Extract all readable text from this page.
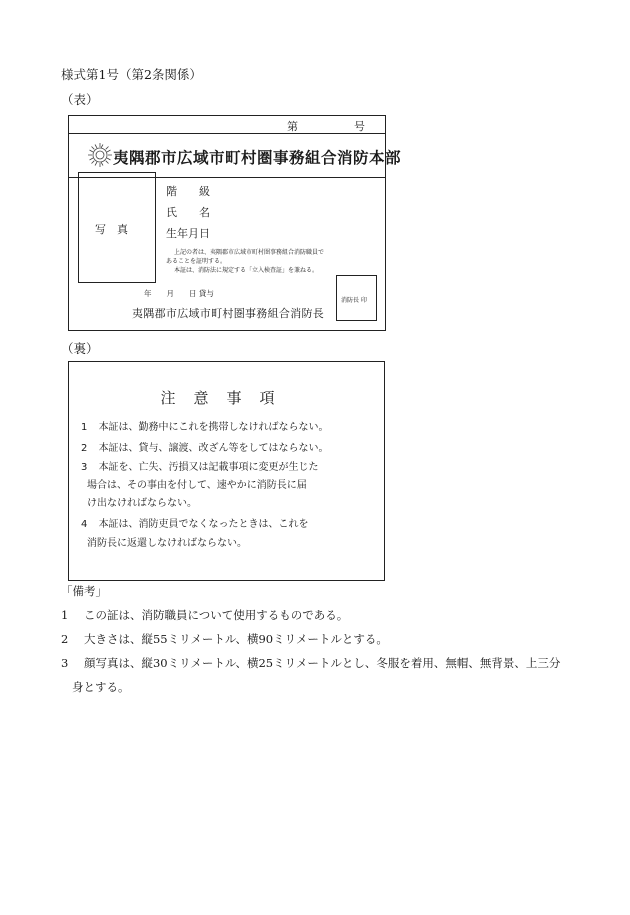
様式第1号（第2条関係）
（表）
第	号
夷隅郡市広域市町村圏事務組合消防本部
写　真
階　　級
氏　　名
生年月日
上記の者は、夷隅郡市広域市町村圏事務組合消防職員で
あることを証明する。
本証は、消防法に規定する「立入検査証」を兼ねる。
年　　月　　日 貸与
夷隅郡市広域市町村圏事務組合消防長
消防長 印
（裏）
注意事項
1 本証は、勤務中にこれを携帯しなければならない。
2 本証は、貸与、譲渡、改ざん等をしてはならない。
3 本証を、亡失、汚損又は記載事項に変更が生じた
場合は、その事由を付して、速やかに消防長に届
け出なければならない。
4 本証は、消防吏員でなくなったときは、これを
消防長に返還しなければならない。
「備考」
1 この証は、消防職員について使用するものである。
2 大きさは、縦55ミリメートル、横90ミリメートルとする。
3 顔写真は、縦30ミリメートル、横25ミリメートルとし、冬服を着用、無帽、無背景、上三分
身とする。
